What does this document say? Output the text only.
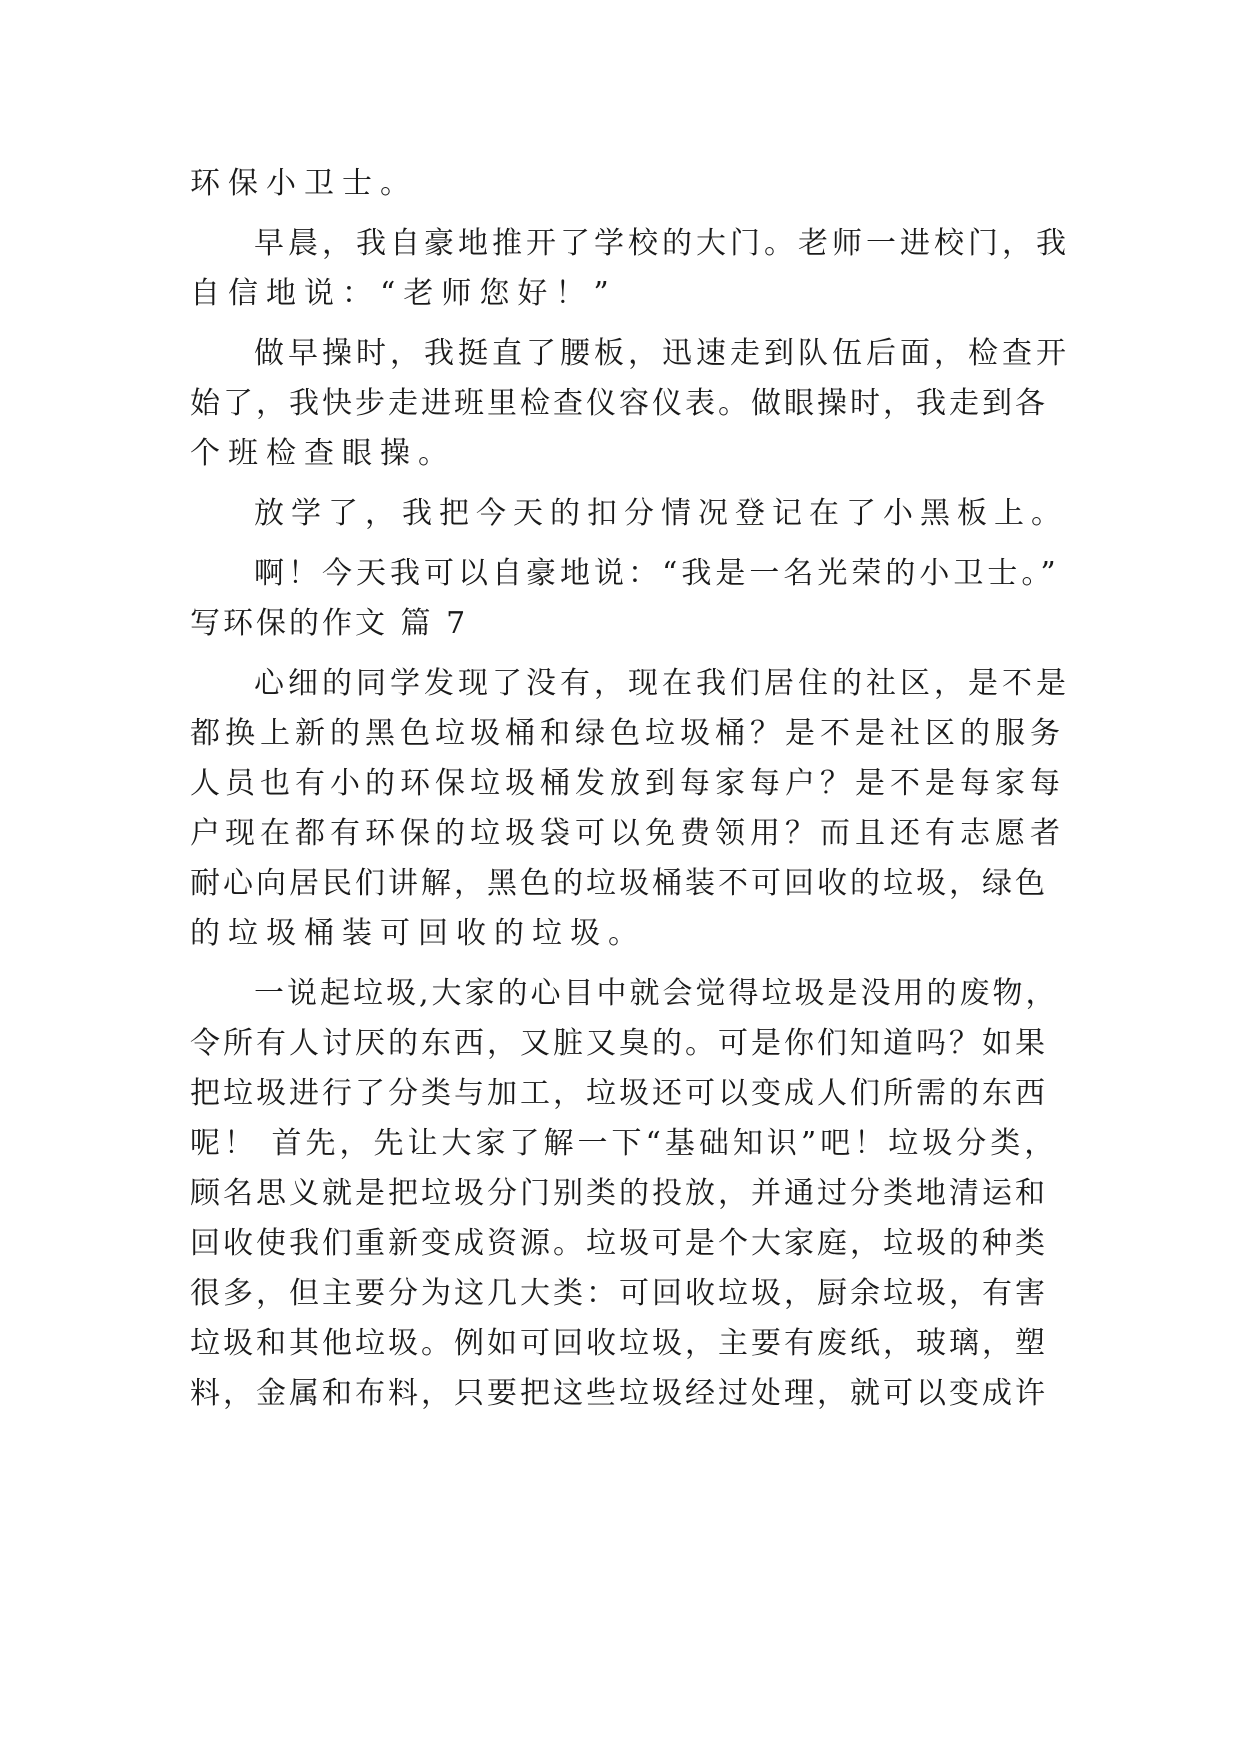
环保小卫士。
早晨，我自豪地推开了学校的大门。老师一进校门，我
自信地说：“老师您好！”
做早操时，我挺直了腰板，迅速走到队伍后面，检查开
始了，我快步走进班里检查仪容仪表。做眼操时，我走到各
个班检查眼操。
放学了，我把今天的扣分情况登记在了小黑板上。
啊！今天我可以自豪地说：“我是一名光荣的小卫士。”
写环保的作文 篇 7
心细的同学发现了没有，现在我们居住的社区，是不是
都换上新的黑色垃圾桶和绿色垃圾桶？是不是社区的服务
人员也有小的环保垃圾桶发放到每家每户？是不是每家每
户现在都有环保的垃圾袋可以免费领用？而且还有志愿者
耐心向居民们讲解，黑色的垃圾桶装不可回收的垃圾，绿色
的垃圾桶装可回收的垃圾。
一说起垃圾,大家的心目中就会觉得垃圾是没用的废物，
令所有人讨厌的东西，又脏又臭的。可是你们知道吗？如果
把垃圾进行了分类与加工，垃圾还可以变成人们所需的东西
呢！ 首先，先让大家了解一下“基础知识”吧！垃圾分类，
顾名思义就是把垃圾分门别类的投放，并通过分类地清运和
回收使我们重新变成资源。垃圾可是个大家庭，垃圾的种类
很多，但主要分为这几大类：可回收垃圾，厨余垃圾，有害
垃圾和其他垃圾。例如可回收垃圾，主要有废纸，玻璃，塑
料，金属和布料，只要把这些垃圾经过处理，就可以变成许
